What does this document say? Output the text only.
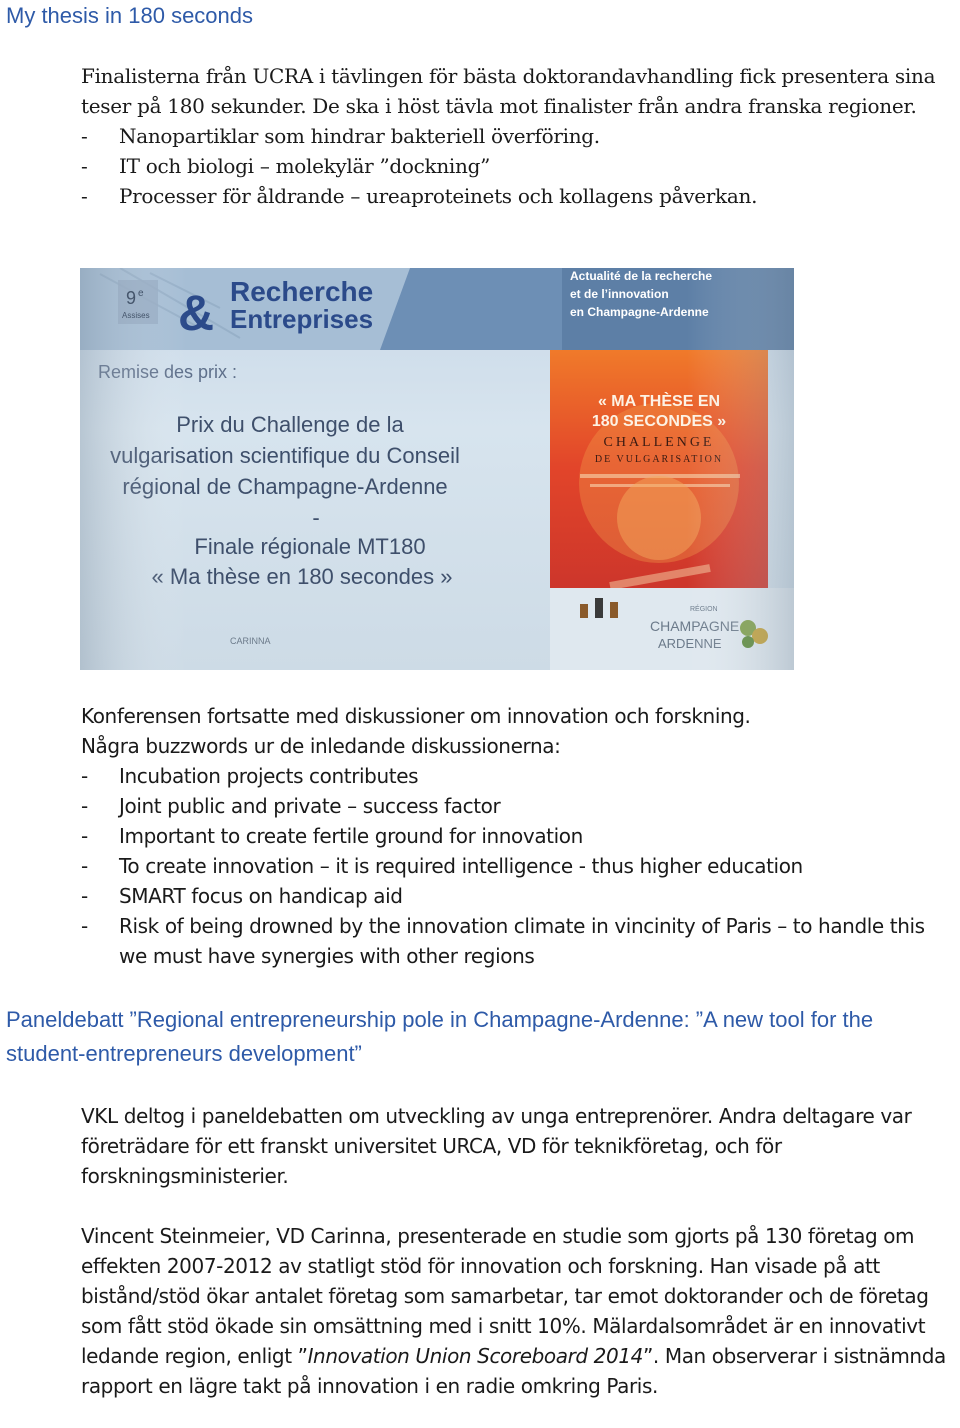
My thesis in 180 seconds

Finalisterna från UCRA i tävlingen för bästa doktorandavhandling fick presentera sina teser på 180 sekunder. De ska i höst tävla mot finalister från andra franska regioner.

- Nanopartiklar som hindrar bakteriell överföring.
- IT och biologi – molekylär ”dockning”
- Processer för åldrande – ureaproteinets och kollagens påverkan.

Konferensen fortsatte med diskussioner om innovation och forskning.

Några buzzwords ur de inledande diskussionerna:

- Incubation projects contributes
- Joint public and private – success factor
- Important to create fertile ground for innovation
- To create innovation – it is required intelligence - thus higher education
- SMART focus on handicap aid
- Risk of being drowned by the innovation climate in vincinity of Paris – to handle this we must have synergies with other regions
Paneldebatt ”Regional entrepreneurship pole in Champagne-Ardenne: ”A new tool for the student-entrepreneurs development”

VKL deltog i paneldebatten om utveckling av unga entreprenörer. Andra deltagare var företrädare för ett franskt universitet URCA, VD för teknikföretag, och för forskningsministerier.

Vincent Steinmeier, VD Carinna, presenterade en studie som gjorts på 130 företag om effekten 2007-2012 av statligt stöd för innovation och forskning. Han visade på att bistånd/stöd ökar antalet företag som samarbetar, tar emot doktorander och de företag som fått stöd ökade sin omsättning med i snitt 10%. Mälardalsområdet är en innovativt ledande region, enligt ”Innovation Union Scoreboard 2014”. Man observerar i sistnämnda rapport en lägre takt på innovation i en radie omkring Paris.
